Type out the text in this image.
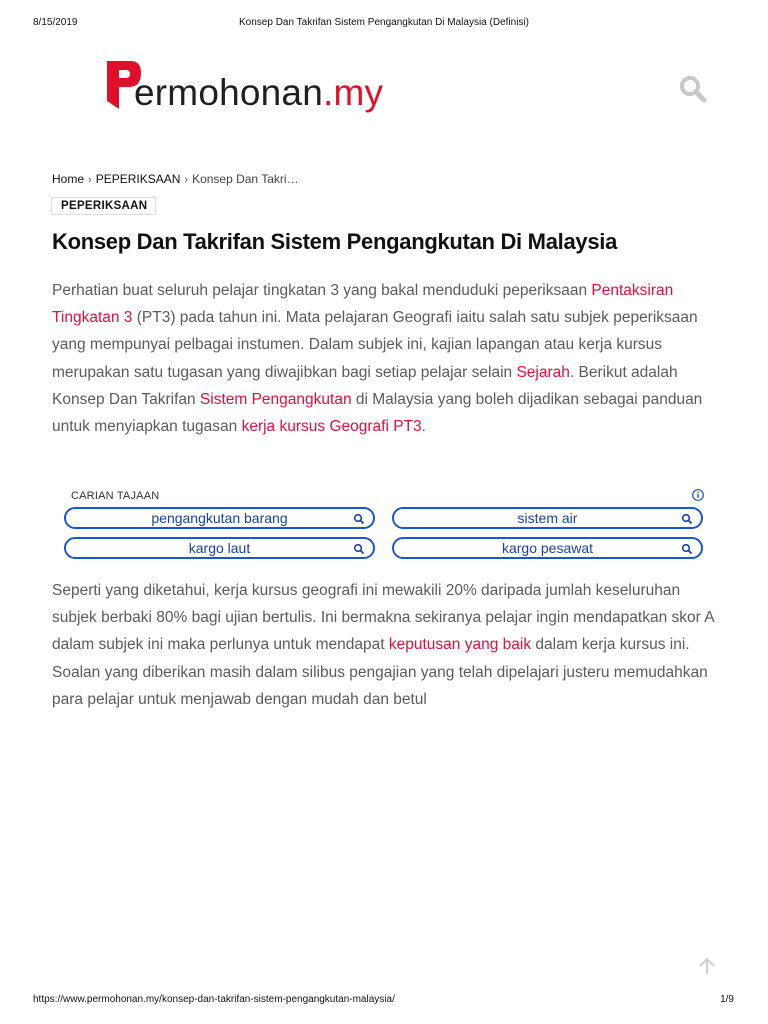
8/15/2019	Konsep Dan Takrifan Sistem Pengangkutan Di Malaysia (Definisi)
ermohonan.my
Home › PEPERIKSAAN › Konsep Dan Takri…
PEPERIKSAAN
Konsep Dan Takrifan Sistem Pengangkutan Di Malaysia

Perhatian buat seluruh pelajar tingkatan 3 yang bakal menduduki peperiksaan Pentaksiran Tingkatan 3 (PT3) pada tahun ini. Mata pelajaran Geografi iaitu salah satu subjek peperiksaan yang mempunyai pelbagai instumen. Dalam subjek ini, kajian lapangan atau kerja kursus merupakan satu tugasan yang diwajibkan bagi setiap pelajar selain Sejarah. Berikut adalah Konsep Dan Takrifan Sistem Pengangkutan di Malaysia yang boleh dijadikan sebagai panduan untuk menyiapkan tugasan kerja kursus Geografi PT3.

CARIAN TAJAAN
pengangkutan barang	sistem air
kargo laut	kargo pesawat

Seperti yang diketahui, kerja kursus geografi ini mewakili 20% daripada jumlah keseluruhan subjek berbaki 80% bagi ujian bertulis. Ini bermakna sekiranya pelajar ingin mendapatkan skor A dalam subjek ini maka perlunya untuk mendapat keputusan yang baik dalam kerja kursus ini. Soalan yang diberikan masih dalam silibus pengajian yang telah dipelajari justeru memudahkan para pelajar untuk menjawab dengan mudah dan betul

https://www.permohonan.my/konsep-dan-takrifan-sistem-pengangkutan-malaysia/	1/9
